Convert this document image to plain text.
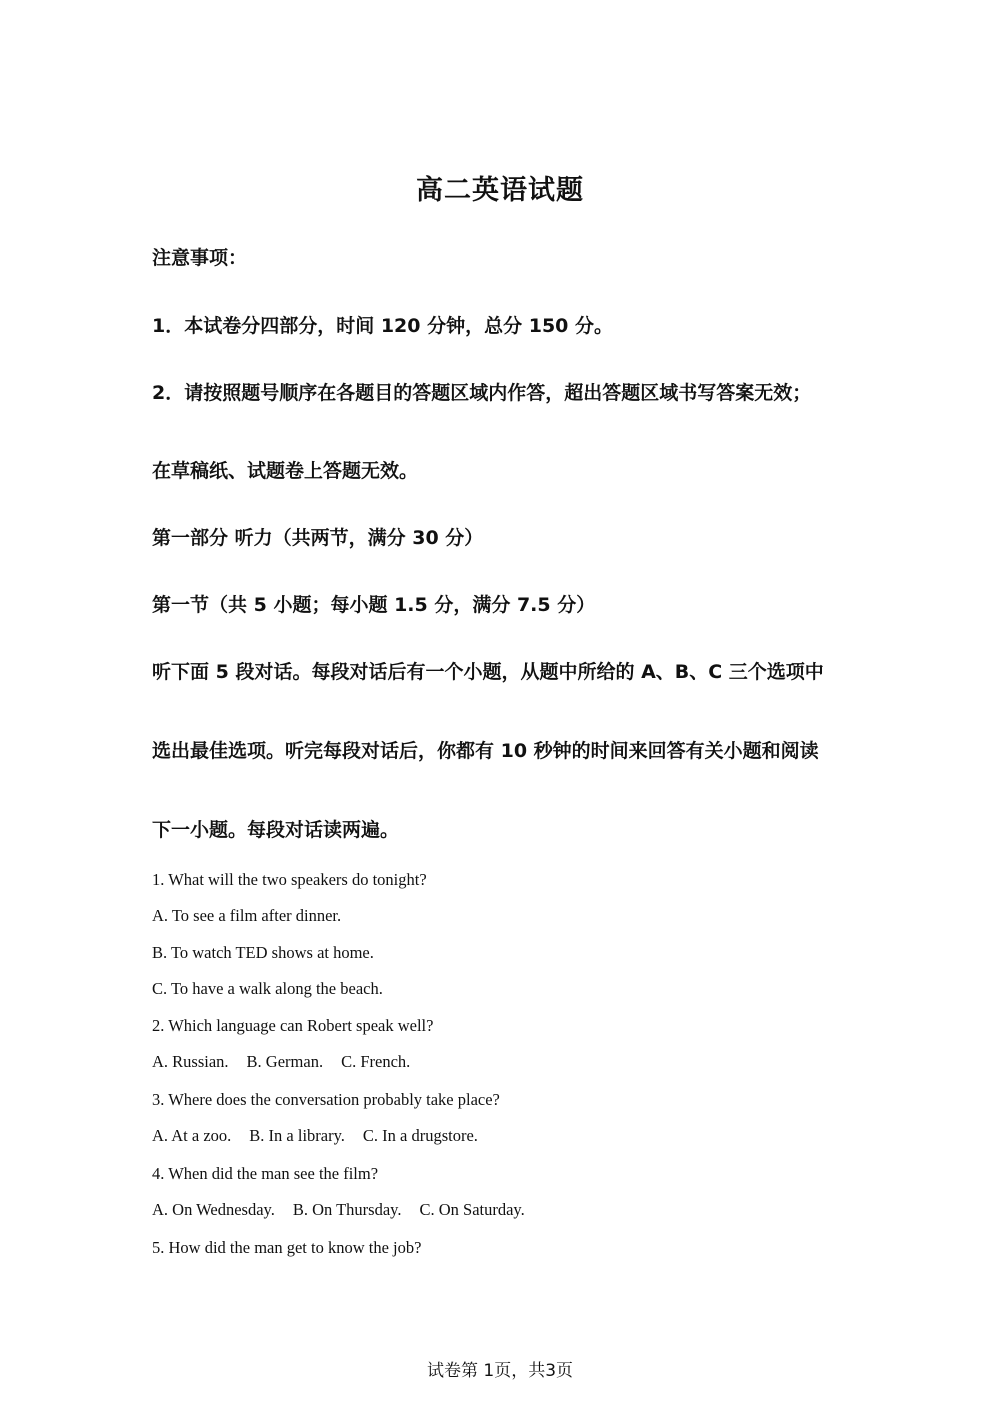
高二英语试题
注意事项：
1．本试卷分四部分，时间 120 分钟，总分 150 分。
2．请按照题号顺序在各题目的答题区域内作答，超出答题区域书写答案无效；
在草稿纸、试题卷上答题无效。
第一部分 听力（共两节，满分 30 分）
第一节（共 5 小题；每小题 1.5 分，满分 7.5 分）
听下面 5 段对话。每段对话后有一个小题，从题中所给的 A、B、C 三个选项中
选出最佳选项。听完每段对话后，你都有 10 秒钟的时间来回答有关小题和阅读
下一小题。每段对话读两遍。
1. What will the two speakers do tonight?
A. To see a film after dinner.
B. To watch TED shows at home.
C. To have a walk along the beach.
2. Which language can Robert speak well?
A. Russian. B. German. C. French.
3. Where does the conversation probably take place?
A. At a zoo. B. In a library. C. In a drugstore.
4. When did the man see the film?
A. On Wednesday. B. On Thursday. C. On Saturday.
5. How did the man get to know the job?
试卷第 1页，共3页
